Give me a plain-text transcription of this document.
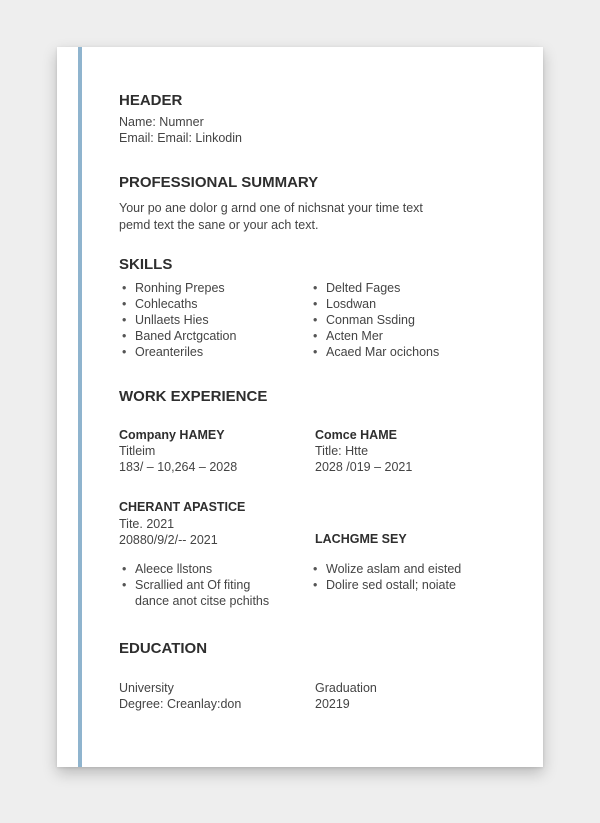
HEADER
Name: Numner
Email: Email: Linkodin
PROFESSIONAL SUMMARY
Your po ane dolor g arnd one of nichsnat your time text
pemd text the sane or your ach text.
SKILLS
• Ronhing Prepes
• Cohlecaths
• Unllaets Hies
• Baned Arctgcation
• Oreanteriles
• Delted Fages
• Losdwan
• Conman Ssding
• Acten Mer
• Acaed Mar ocichons
WORK EXPERIENCE
Company HAMEY
Titleim
183/ – 10,264 – 2028
Comce HAME
Title: Htte
2028 /019 – 2021
CHERANT APASTICE
Tite. 2021
20880/9/2/-- 2021	LACHGME SEY
• Aleece llstons
• Scrallied ant Of fiting
dance anot citse pchiths
• Wolize aslam and eisted
• Dolire sed ostall; noiate
EDUCATION
University
Degree: Creanlay:don
Graduation
20219
